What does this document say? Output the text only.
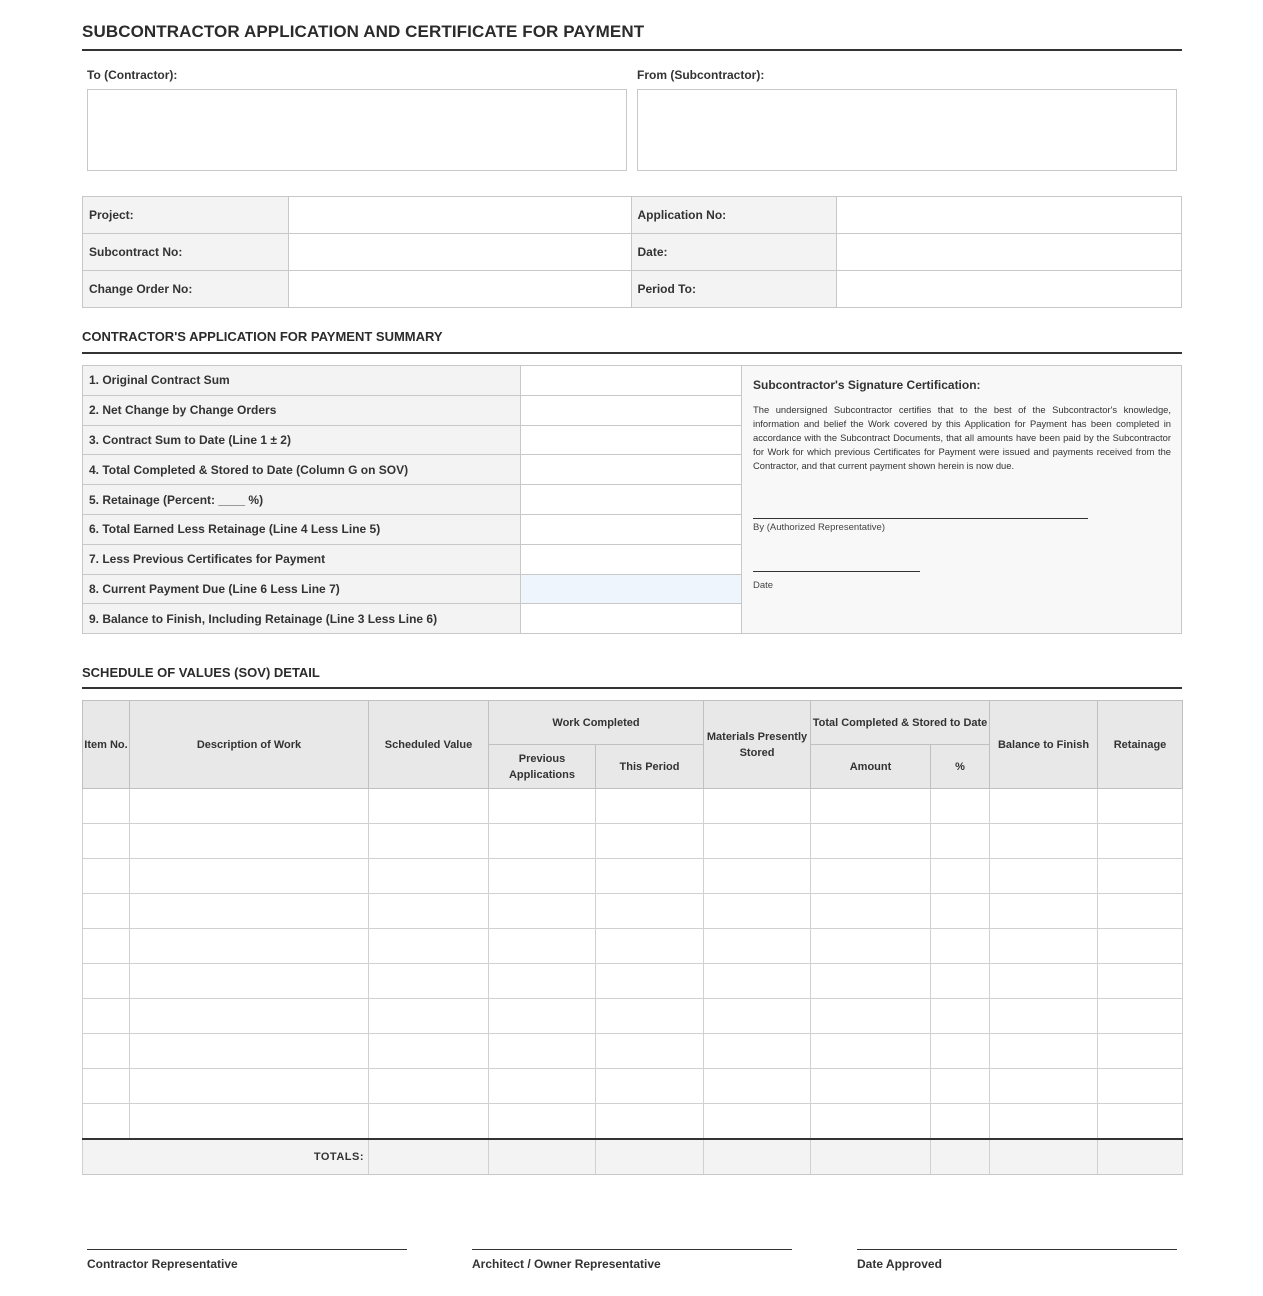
SUBCONTRACTOR APPLICATION AND CERTIFICATE FOR PAYMENT
To (Contractor):	From (Subcontractor):
Project:		Application No:	
Subcontract No:		Date:	
Change Order No:		Period To:	
CONTRACTOR'S APPLICATION FOR PAYMENT SUMMARY
1. Original Contract Sum	
2. Net Change by Change Orders	
3. Contract Sum to Date (Line 1 ± 2)	
4. Total Completed & Stored to Date (Column G on SOV)	
5. Retainage (Percent: ____ %)	
6. Total Earned Less Retainage (Line 4 Less Line 5)	
7. Less Previous Certificates for Payment	
8. Current Payment Due (Line 6 Less Line 7)	
9. Balance to Finish, Including Retainage (Line 3 Less Line 6)	
Subcontractor's Signature Certification:
The undersigned Subcontractor certifies that to the best of the Subcontractor's knowledge, information and belief the Work covered by this Application for Payment has been completed in accordance with the Subcontract Documents, that all amounts have been paid by the Subcontractor for Work for which previous Certificates for Payment were issued and payments received from the Contractor, and that current payment shown herein is now due.
By (Authorized Representative)
Date
SCHEDULE OF VALUES (SOV) DETAIL
Item No.	Description of Work	Scheduled Value	Work Completed		Materials Presently Stored	Total Completed & Stored to Date		Balance to Finish	Retainage
			Previous Applications	This Period		Amount	%		

TOTALS:									
Contractor Representative	Architect / Owner Representative	Date Approved
